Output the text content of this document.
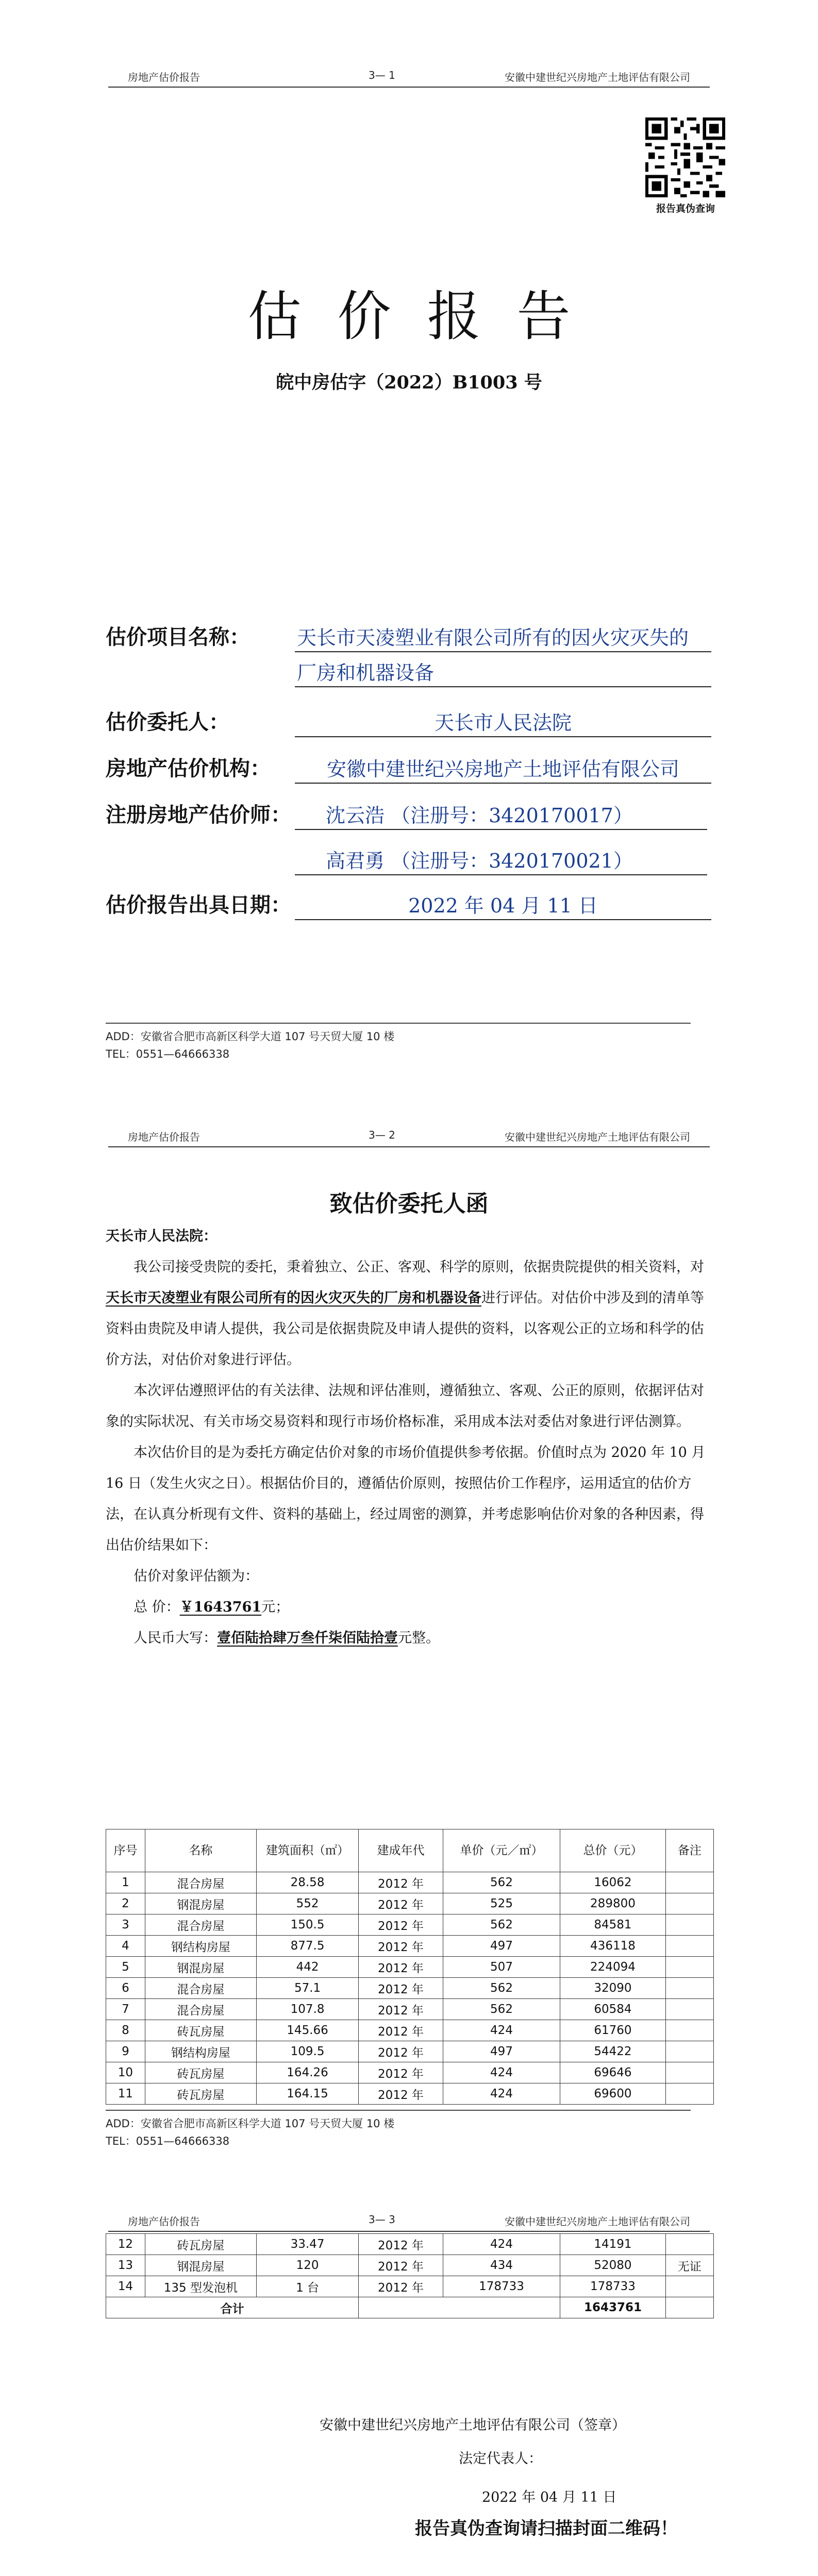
房地产估价报告	3— 1	安徽中建世纪兴房地产土地评估有限公司
报告真伪查询
估价报告
皖中房估字（2022）B1003 号
估价项目名称： 天长市天凌塑业有限公司所有的因火灾灭失的
厂房和机器设备
估价委托人：	天长市人民法院
房地产估价机构：	安徽中建世纪兴房地产土地评估有限公司
注册房地产估价师：	沈云浩 （注册号：3420170017）
高君勇 （注册号：3420170021）
估价报告出具日期：	2022 年 04 月 11 日
ADD：安徽省合肥市高新区科学大道 107 号天贸大厦 10 楼
TEL：0551—64666338
房地产估价报告	3— 2	安徽中建世纪兴房地产土地评估有限公司
致估价委托人函

天长市人民法院：

我公司接受贵院的委托，秉着独立、公正、客观、科学的原则，依据贵院提供的相关资料，对天长市天凌塑业有限公司所有的因火灾灭失的厂房和机器设备进行评估。对估价中涉及到的清单等资料由贵院及申请人提供，我公司是依据贵院及申请人提供的资料，以客观公正的立场和科学的估价方法，对估价对象进行评估。

本次评估遵照评估的有关法律、法规和评估准则，遵循独立、客观、公正的原则，依据评估对象的实际状况、有关市场交易资料和现行市场价格标准，采用成本法对委估对象进行评估测算。

本次估价目的是为委托方确定估价对象的市场价值提供参考依据。价值时点为 2020 年 10 月 16 日（发生火灾之日）。根据估价目的，遵循估价原则，按照估价工作程序，运用适宜的估价方法，在认真分析现有文件、资料的基础上，经过周密的测算，并考虑影响估价对象的各种因素，得出估价结果如下：

估价对象评估额为：

总 价：￥1643761元；

人民币大写：壹佰陆拾肆万叁仟柒佰陆拾壹元整。

序号	名称	建筑面积（㎡）	建成年代	单价（元／㎡）	总价（元）	备注
1	混合房屋	28.58	2012 年	562	16062	
2	钢混房屋	552	2012 年	525	289800	
3	混合房屋	150.5	2012 年	562	84581	
4	钢结构房屋	877.5	2012 年	497	436118	
5	钢混房屋	442	2012 年	507	224094	
6	混合房屋	57.1	2012 年	562	32090	
7	混合房屋	107.8	2012 年	562	60584	
8	砖瓦房屋	145.66	2012 年	424	61760	
9	钢结构房屋	109.5	2012 年	497	54422	
10	砖瓦房屋	164.26	2012 年	424	69646	
11	砖瓦房屋	164.15	2012 年	424	69600	
ADD：安徽省合肥市高新区科学大道 107 号天贸大厦 10 楼
TEL：0551—64666338
房地产估价报告	3— 3	安徽中建世纪兴房地产土地评估有限公司
12	砖瓦房屋	33.47	2012 年	424	14191	
13	钢混房屋	120	2012 年	434	52080	无证
14	135 型发泡机	1 台	2012 年	178733	178733	
合计					1643761	
安徽中建世纪兴房地产土地评估有限公司（签章）
法定代表人：
2022 年 04 月 11 日
报告真伪查询请扫描封面二维码！
